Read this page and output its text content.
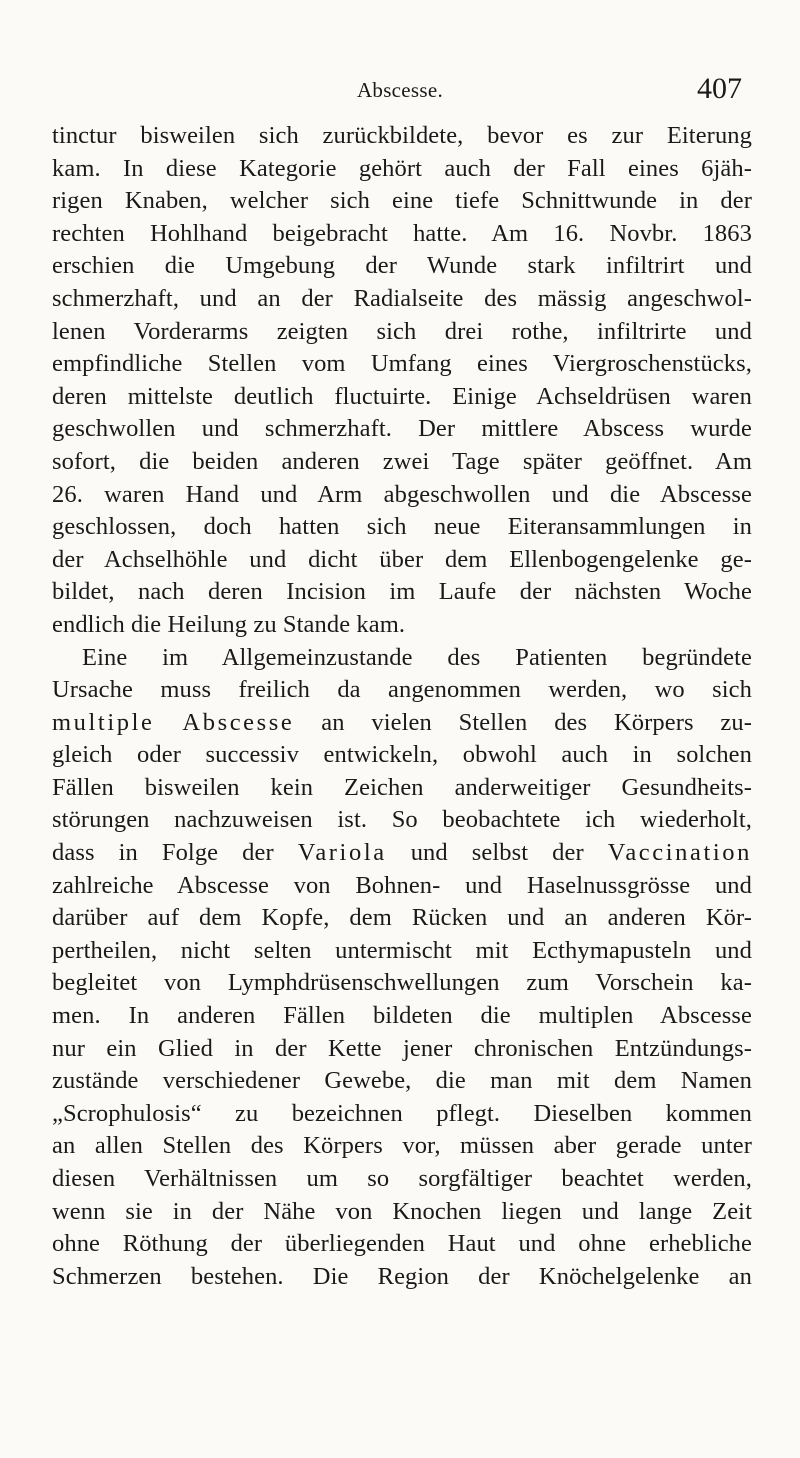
Abscesse.	407
tinctur bisweilen sich zurückbildete, bevor es zur Eiterung
kam. In diese Kategorie gehört auch der Fall eines 6jäh-
rigen Knaben, welcher sich eine tiefe Schnittwunde in der
rechten Hohlhand beigebracht hatte. Am 16. Novbr. 1863
erschien die Umgebung der Wunde stark infiltrirt und
schmerzhaft, und an der Radialseite des mässig angeschwol-
lenen Vorderarms zeigten sich drei rothe, infiltrirte und
empfindliche Stellen vom Umfang eines Viergroschenstücks,
deren mittelste deutlich fluctuirte. Einige Achseldrüsen waren
geschwollen und schmerzhaft. Der mittlere Abscess wurde
sofort, die beiden anderen zwei Tage später geöffnet. Am
26. waren Hand und Arm abgeschwollen und die Abscesse
geschlossen, doch hatten sich neue Eiteransammlungen in
der Achselhöhle und dicht über dem Ellenbogengelenke ge-
bildet, nach deren Incision im Laufe der nächsten Woche
endlich die Heilung zu Stande kam.
Eine im Allgemeinzustande des Patienten begründete
Ursache muss freilich da angenommen werden, wo sich
multiple Abscesse an vielen Stellen des Körpers zu-
gleich oder successiv entwickeln, obwohl auch in solchen
Fällen bisweilen kein Zeichen anderweitiger Gesundheits-
störungen nachzuweisen ist. So beobachtete ich wiederholt,
dass in Folge der Variola und selbst der Vaccination
zahlreiche Abscesse von Bohnen- und Haselnussgrösse und
darüber auf dem Kopfe, dem Rücken und an anderen Kör-
pertheilen, nicht selten untermischt mit Ecthymapusteln und
begleitet von Lymphdrüsenschwellungen zum Vorschein ka-
men. In anderen Fällen bildeten die multiplen Abscesse
nur ein Glied in der Kette jener chronischen Entzündungs-
zustände verschiedener Gewebe, die man mit dem Namen
„Scrophulosis“ zu bezeichnen pflegt. Dieselben kommen
an allen Stellen des Körpers vor, müssen aber gerade unter
diesen Verhältnissen um so sorgfältiger beachtet werden,
wenn sie in der Nähe von Knochen liegen und lange Zeit
ohne Röthung der überliegenden Haut und ohne erhebliche
Schmerzen bestehen. Die Region der Knöchelgelenke an
